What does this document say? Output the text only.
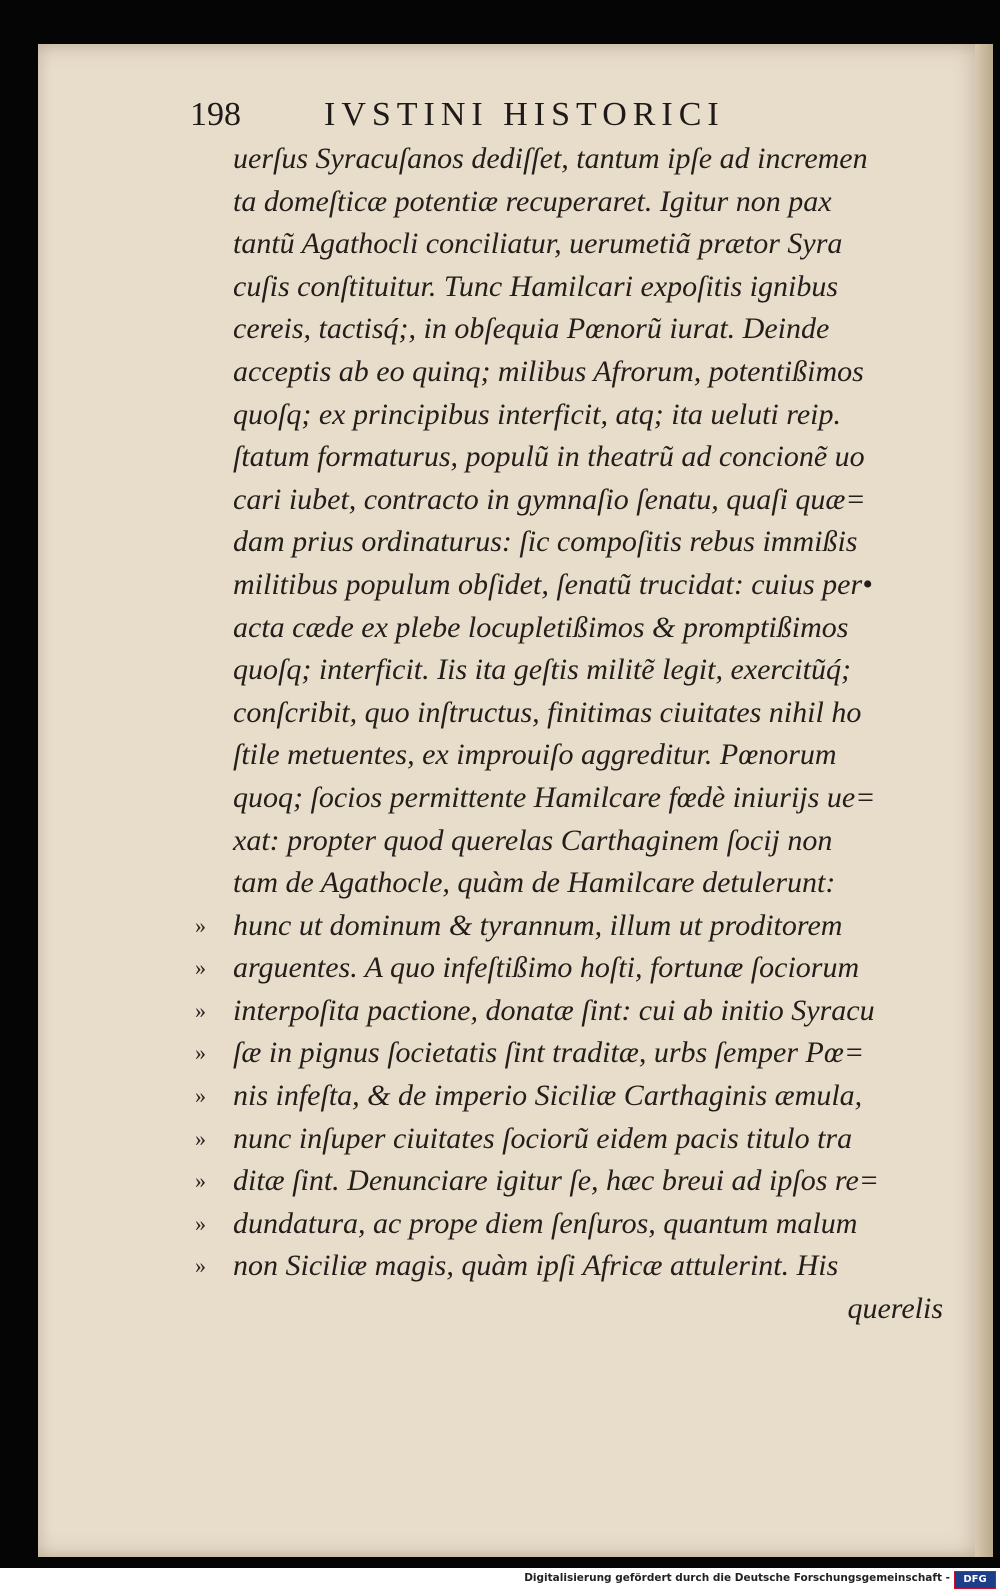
198 IVSTINI HISTORICI
uerſus Syracuſanos dediſſet, tantum ipſe ad incremen
ta domeſticæ potentiæ recuperaret. Igitur non pax
tantũ Agathocli conciliatur, uerumetiã prætor Syra
cuſis conſtituitur. Tunc Hamilcari expoſitis ignibus
cereis, tactisq́;, in obſequia Pœnorũ iurat. Deinde
acceptis ab eo quinq; milibus Afrorum, potentißimos
quoſq; ex principibus interficit, atq; ita ueluti reip.
ſtatum formaturus, populũ in theatrũ ad concionẽ uo
cari iubet, contracto in gymnaſio ſenatu, quaſi quæ=
dam prius ordinaturus: ſic compoſitis rebus immißis
militibus populum obſidet, ſenatũ trucidat: cuius per•
acta cæde ex plebe locupletißimos & promptißimos
quoſq; interficit. Iis ita geſtis militẽ legit, exercitũq́;
conſcribit, quo inſtructus, finitimas ciuitates nihil ho
ſtile metuentes, ex improuiſo aggreditur. Pœnorum
quoq; ſocios permittente Hamilcare fœdè iniurijs ue=
xat: propter quod querelas Carthaginem ſocij non
tam de Agathocle, quàm de Hamilcare detulerunt:
» hunc ut dominum & tyrannum, illum ut proditorem
» arguentes. A quo infeſtißimo hoſti, fortunæ ſociorum
» interpoſita pactione, donatæ ſint: cui ab initio Syracu
» ſæ in pignus ſocietatis ſint traditæ, urbs ſemper Pœ=
» nis infeſta, & de imperio Siciliæ Carthaginis æmula,
» nunc inſuper ciuitates ſociorũ eidem pacis titulo tra
» ditæ ſint. Denunciare igitur ſe, hæc breui ad ipſos re=
» dundatura, ac prope diem ſenſuros, quantum malum
» non Siciliæ magis, quàm ipſi Africæ attulerint. His
querelis
Digitalisierung gefördert durch die Deutsche Forschungsgemeinschaft -	DFG
